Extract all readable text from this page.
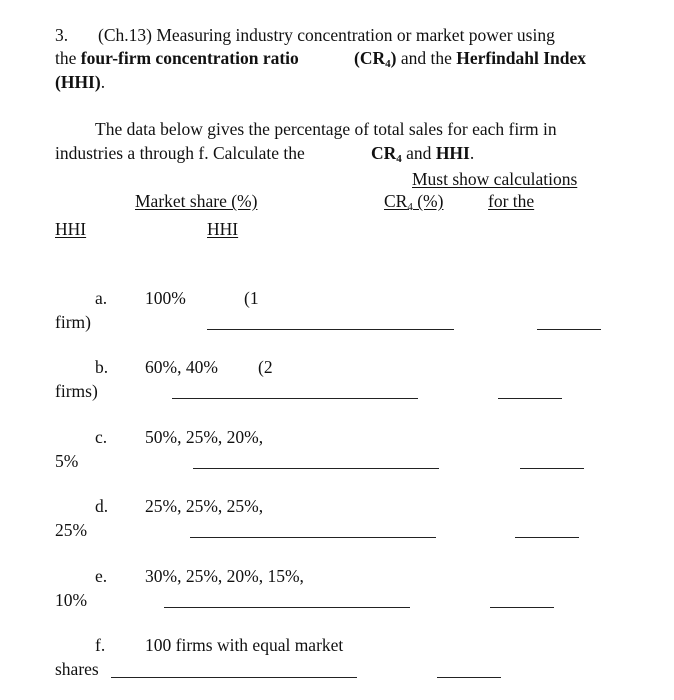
3. (Ch.13) Measuring industry concentration or market power using
the four-firm concentration ratio	$(CR_4)$ and the Herfindahl Index
(HHI).
The data below gives the percentage of total sales for each firm in
industries a through f. Calculate the	$CR_4$ and HHI.
Must show calculations
Market share (%)	$CR_4$ (%)	for the
HHI	HHI
a. 100%	(1
firm)
b. 60%, 40% (2
firms)
c. 50%, 25%, 20%,
5%
d. 25%, 25%, 25%,
25%
e. 30%, 25%, 20%, 15%,
10%
f. 100 firms with equal market
shares
